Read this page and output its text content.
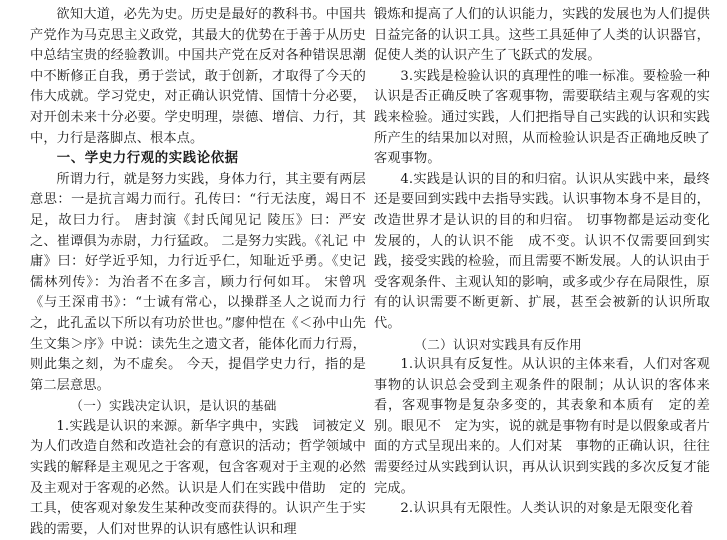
欲知大道，必先为史。历史是最好的教科书。中国共产党作为马克思主义政党，其最大的优势在于善于从历史中总结宝贵的经验教训。中国共产党在反对各种错误思潮中不断修正自我，勇于尝试，敢于创新，才取得了今天的伟大成就。学习党史，对正确认识党情、国情十分必要，对开创未来十分必要。学史明理，崇德、增信、力行，其中，力行是落脚点、根本点。

一、学史力行观的实践论依据

所谓力行，就是努力实践，身体力行，其主要有两层意思：一是抗言竭力而行。孔传曰：“行无法度，竭日不足，故曰力行。 唐封演《封氏闻见记 陵压》曰：严安之、崔谭俱为赤尉，力行猛政。 二是努力实践。《礼记 中庸》曰：好学近乎知，力行近乎仁，知耻近乎勇。《史记 儒林列传》：为治者不在多言，顾力行何如耳。 宋曾巩《与王深甫书》：“士诚有常心，以操群圣人之说而力行之，此孔孟以下所以有功於世也。”廖仲恺在《＜孙中山先生文集＞序》中说：读先生之遗文者，能体化而力行焉，则此集之刻，为不虚矣。 今天，提倡学史力行，指的是第二层意思。

（一）实践决定认识，是认识的基础

1.实践是认识的来源。新华字典中，实践　词被定义为人们改造自然和改造社会的有意识的活动；哲学领域中实践的解释是主观见之于客观，包含客观对于主观的必然及主观对于客观的必然。认识是人们在实践中借助　定的工具，使客观对象发生某种改变而获得的。认识产生于实践的需要，人们对世界的认识有感性认识和理

锻炼和提高了人们的认识能力，实践的发展也为人们提供日益完备的认识工具。这些工具延伸了人类的认识器官，促使人类的认识产生了飞跃式的发展。

3.实践是检验认识的真理性的唯一标准。要检验一种认识是否正确反映了客观事物，需要联结主观与客观的实践来检验。通过实践，人们把指导自己实践的认识和实践所产生的结果加以对照，从而检验认识是否正确地反映了客观事物。

4.实践是认识的目的和归宿。认识从实践中来，最终还是要回到实践中去指导实践。认识事物本身不是目的，改造世界才是认识的目的和归宿。 切事物都是运动变化发展的，人的认识不能　成不变。认识不仅需要回到实践，接受实践的检验，而且需要不断发展。人的认识由于受客观条件、主观认知的影响，或多或少存在局限性，原有的认识需要不断更新、扩展，甚至会被新的认识所取代。

（二）认识对实践具有反作用

1.认识具有反复性。从认识的主体来看，人们对客观事物的认识总会受到主观条件的限制；从认识的客体来看，客观事物是复杂多变的，其表象和本质有　定的差别。眼见不　定为实，说的就是事物有时是以假象或者片面的方式呈现出来的。人们对某　事物的正确认识，往往需要经过从实践到认识，再从认识到实践的多次反复才能完成。

2.认识具有无限性。人类认识的对象是无限变化着
